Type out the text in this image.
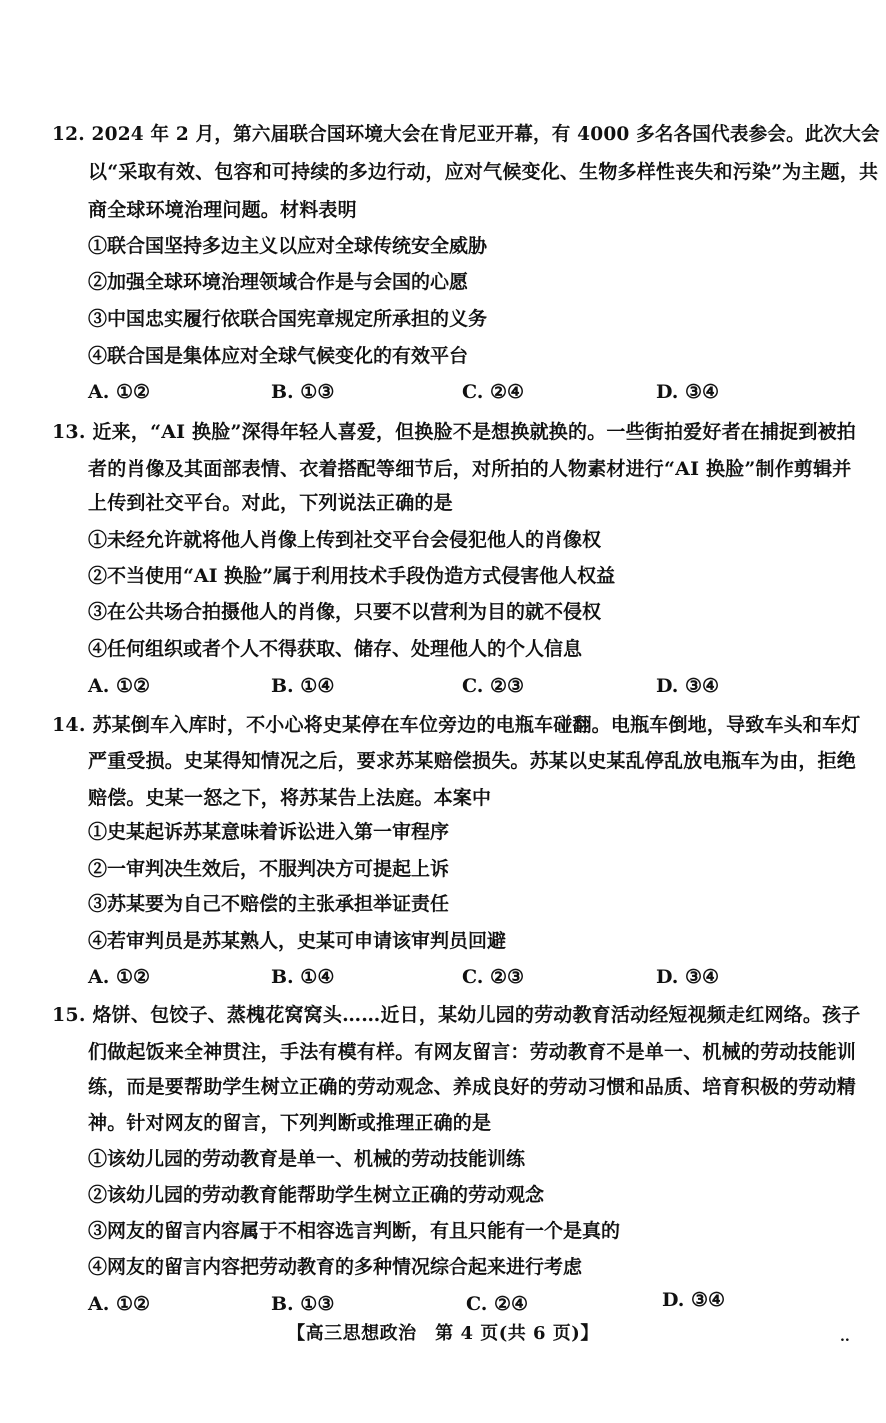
12. 2024 年 2 月，第六届联合国环境大会在肯尼亚开幕，有 4000 多名各国代表参会。此次大会
以“采取有效、包容和可持续的多边行动，应对气候变化、生物多样性丧失和污染”为主题，共
商全球环境治理问题。材料表明
①联合国坚持多边主义以应对全球传统安全威胁
②加强全球环境治理领域合作是与会国的心愿
③中国忠实履行依联合国宪章规定所承担的义务
④联合国是集体应对全球气候变化的有效平台
A. ①②	B. ①③	C. ②④	D. ③④
13. 近来，“AI 换脸”深得年轻人喜爱，但换脸不是想换就换的。一些街拍爱好者在捕捉到被拍
者的肖像及其面部表情、衣着搭配等细节后，对所拍的人物素材进行“AI 换脸”制作剪辑并
上传到社交平台。对此，下列说法正确的是
①未经允许就将他人肖像上传到社交平台会侵犯他人的肖像权
②不当使用“AI 换脸”属于利用技术手段伪造方式侵害他人权益
③在公共场合拍摄他人的肖像，只要不以营利为目的就不侵权
④任何组织或者个人不得获取、储存、处理他人的个人信息
A. ①②	B. ①④	C. ②③	D. ③④
14. 苏某倒车入库时，不小心将史某停在车位旁边的电瓶车碰翻。电瓶车倒地，导致车头和车灯
严重受损。史某得知情况之后，要求苏某赔偿损失。苏某以史某乱停乱放电瓶车为由，拒绝
赔偿。史某一怒之下，将苏某告上法庭。本案中
①史某起诉苏某意味着诉讼进入第一审程序
②一审判决生效后，不服判决方可提起上诉
③苏某要为自己不赔偿的主张承担举证责任
④若审判员是苏某熟人，史某可申请该审判员回避
A. ①②	B. ①④	C. ②③	D. ③④
15. 烙饼、包饺子、蒸槐花窝窝头……近日，某幼儿园的劳动教育活动经短视频走红网络。孩子
们做起饭来全神贯注，手法有模有样。有网友留言：劳动教育不是单一、机械的劳动技能训
练，而是要帮助学生树立正确的劳动观念、养成良好的劳动习惯和品质、培育积极的劳动精
神。针对网友的留言，下列判断或推理正确的是
①该幼儿园的劳动教育是单一、机械的劳动技能训练
②该幼儿园的劳动教育能帮助学生树立正确的劳动观念
③网友的留言内容属于不相容选言判断，有且只能有一个是真的
④网友的留言内容把劳动教育的多种情况综合起来进行考虑
A. ①②	B. ①③	C. ②④	D. ③④
【高三思想政治　第 4 页(共 6 页)】	..
